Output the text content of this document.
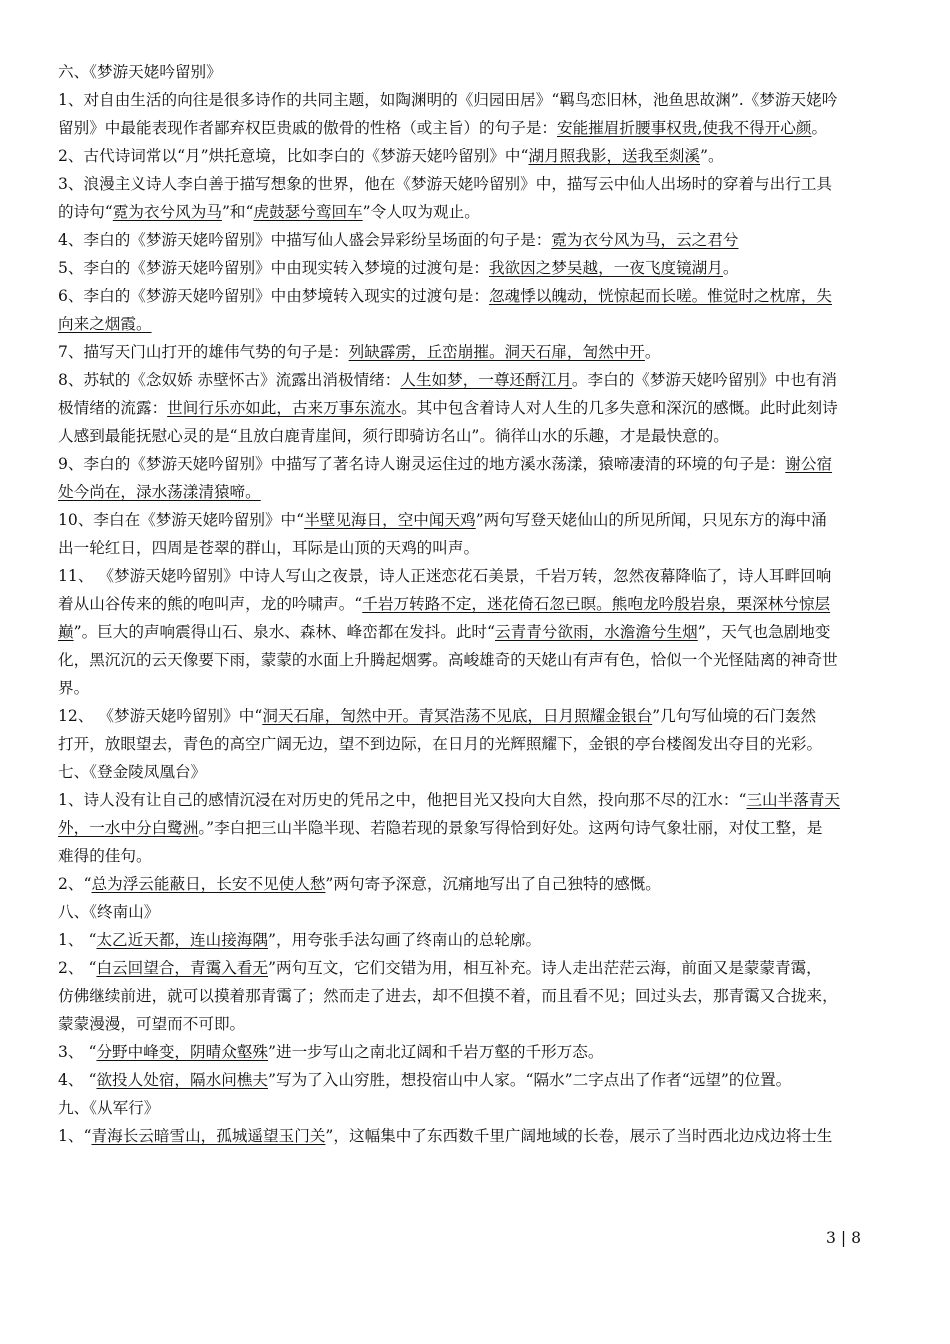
六、《梦游天姥吟留别》
1、对自由生活的向往是很多诗作的共同主题，如陶渊明的《归园田居》“羁鸟恋旧林，池鱼思故渊”.《梦游天姥吟
留别》中最能表现作者鄙弃权臣贵戚的傲骨的性格（或主旨）的句子是：安能摧眉折腰事权贵,使我不得开心颜。
2、古代诗词常以“月”烘托意境，比如李白的《梦游天姥吟留别》中“湖月照我影，送我至剡溪”。
3、浪漫主义诗人李白善于描写想象的世界，他在《梦游天姥吟留别》中，描写云中仙人出场时的穿着与出行工具
的诗句“霓为衣兮风为马”和“虎鼓瑟兮鸾回车”令人叹为观止。
4、李白的《梦游天姥吟留别》中描写仙人盛会异彩纷呈场面的句子是：霓为衣兮风为马，云之君兮
5、李白的《梦游天姥吟留别》中由现实转入梦境的过渡句是：我欲因之梦吴越，一夜飞度镜湖月。
6、李白的《梦游天姥吟留别》中由梦境转入现实的过渡句是：忽魂悸以魄动，恍惊起而长嗟。惟觉时之枕席，失
向来之烟霞。
7、描写天门山打开的雄伟气势的句子是：列缺霹雳，丘峦崩摧。洞天石扉，訇然中开。
8、苏轼的《念奴娇 赤壁怀古》流露出消极情绪：人生如梦，一尊还酹江月。李白的《梦游天姥吟留别》中也有消
极情绪的流露：世间行乐亦如此，古来万事东流水。其中包含着诗人对人生的几多失意和深沉的感慨。此时此刻诗
人感到最能抚慰心灵的是“且放白鹿青崖间，须行即骑访名山”。徜徉山水的乐趣，才是最快意的。
9、李白的《梦游天姥吟留别》中描写了著名诗人谢灵运住过的地方溪水荡漾，猿啼凄清的环境的句子是：谢公宿
处今尚在，渌水荡漾清猿啼。
10、李白在《梦游天姥吟留别》中“半壁见海日，空中闻天鸡”两句写登天姥仙山的所见所闻，只见东方的海中涌
出一轮红日，四周是苍翠的群山，耳际是山顶的天鸡的叫声。
11、 《梦游天姥吟留别》中诗人写山之夜景，诗人正迷恋花石美景，千岩万转，忽然夜幕降临了，诗人耳畔回响
着从山谷传来的熊的咆叫声，龙的吟啸声。“千岩万转路不定，迷花倚石忽已暝。熊咆龙吟殷岩泉，栗深林兮惊层
巅”。巨大的声响震得山石、泉水、森林、峰峦都在发抖。此时“云青青兮欲雨，水澹澹兮生烟”，天气也急剧地变
化，黑沉沉的云天像要下雨，蒙蒙的水面上升腾起烟雾。高峻雄奇的天姥山有声有色，恰似一个光怪陆离的神奇世
界。
12、 《梦游天姥吟留别》中“洞天石扉，訇然中开。青冥浩荡不见底，日月照耀金银台”几句写仙境的石门轰然
打开，放眼望去，青色的高空广阔无边，望不到边际，在日月的光辉照耀下，金银的亭台楼阁发出夺目的光彩。
七、《登金陵凤凰台》
1、诗人没有让自己的感情沉浸在对历史的凭吊之中，他把目光又投向大自然，投向那不尽的江水：“三山半落青天
外，一水中分白鹭洲。”李白把三山半隐半现、若隐若现的景象写得恰到好处。这两句诗气象壮丽，对仗工整，是
难得的佳句。
2、“总为浮云能蔽日，长安不见使人愁”两句寄予深意，沉痛地写出了自己独特的感慨。
八、《终南山》
1、 “太乙近天都，连山接海隅”，用夸张手法勾画了终南山的总轮廓。
2、 “白云回望合，青霭入看无”两句互文，它们交错为用，相互补充。诗人走出茫茫云海，前面又是蒙蒙青霭，
仿佛继续前进，就可以摸着那青霭了；然而走了进去，却不但摸不着，而且看不见；回过头去，那青霭又合拢来，
蒙蒙漫漫，可望而不可即。
3、 “分野中峰变，阴晴众壑殊”进一步写山之南北辽阔和千岩万壑的千形万态。
4、 “欲投人处宿，隔水问樵夫”写为了入山穷胜，想投宿山中人家。“隔水”二字点出了作者“远望”的位置。
九、《从军行》
1、“青海长云暗雪山，孤城遥望玉门关”，这幅集中了东西数千里广阔地域的长卷，展示了当时西北边戍边将士生
3 | 8
